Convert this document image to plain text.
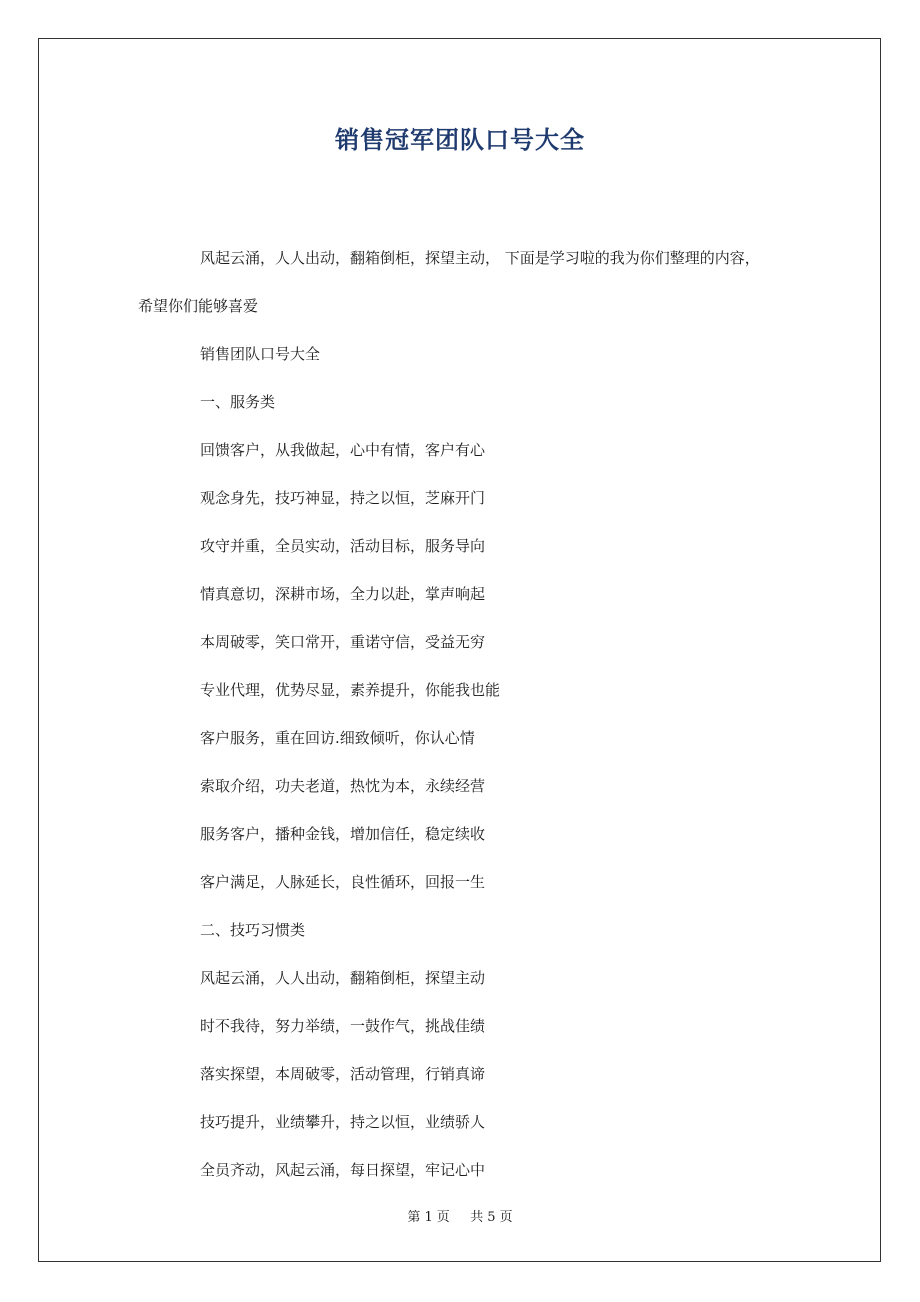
销售冠军团队口号大全

风起云涌，人人出动，翻箱倒柜，探望主动， 下面是学习啦的我为你们整理的内容，

希望你们能够喜爱

销售团队口号大全

一、服务类

回馈客户，从我做起，心中有情，客户有心

观念身先，技巧神显，持之以恒，芝麻开门

攻守并重，全员实动，活动目标，服务导向

情真意切，深耕市场，全力以赴，掌声响起

本周破零，笑口常开，重诺守信，受益无穷

专业代理，优势尽显，素养提升，你能我也能

客户服务，重在回访.细致倾听，你认心情

索取介绍，功夫老道，热忱为本，永续经营

服务客户，播种金钱，增加信任，稳定续收

客户满足，人脉延长，良性循环，回报一生

二、技巧习惯类

风起云涌，人人出动，翻箱倒柜，探望主动

时不我待，努力举绩，一鼓作气，挑战佳绩

落实探望，本周破零，活动管理，行销真谛

技巧提升，业绩攀升，持之以恒，业绩骄人

全员齐动，风起云涌，每日探望，牢记心中

第 1 页 共 5 页
